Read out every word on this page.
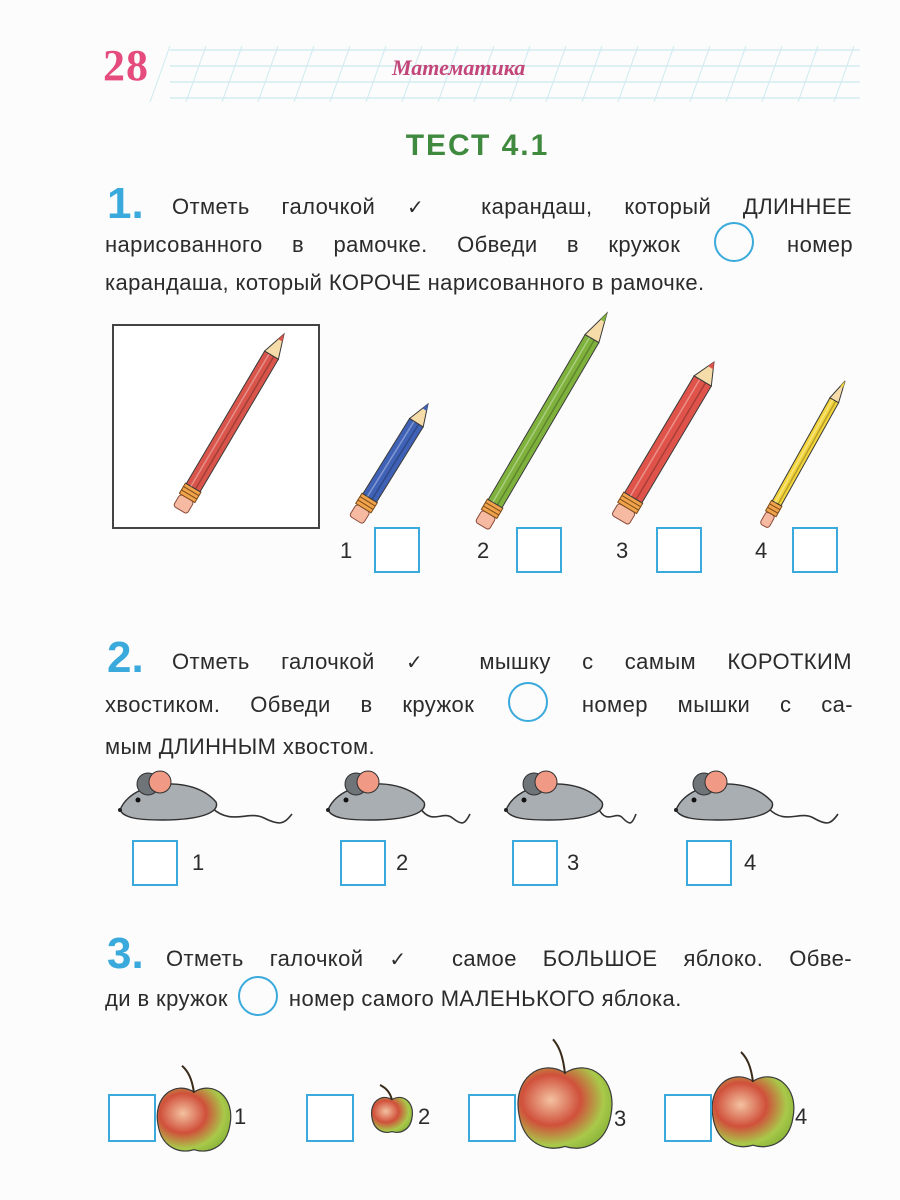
28	Математика
ТЕСТ 4.1
1. Отметь галочкой ✓ карандаш, который ДЛИННЕЕ
нарисованного в рамочке. Обведи в кружок	номер
карандаша, который КОРОЧЕ нарисованного в рамочке.
1	2	3	4
2. Отметь галочкой ✓ мышку с самым КОРОТКИМ
хвостиком. Обведи в кружок	номер мышки с са-
мым ДЛИННЫМ хвостом.
1	2	3	4
3. Отметь галочкой ✓ самое БОЛЬШОЕ яблоко. Обве-
ди в кружок	номер самого МАЛЕНЬКОГО яблока.
1	2	3	4
